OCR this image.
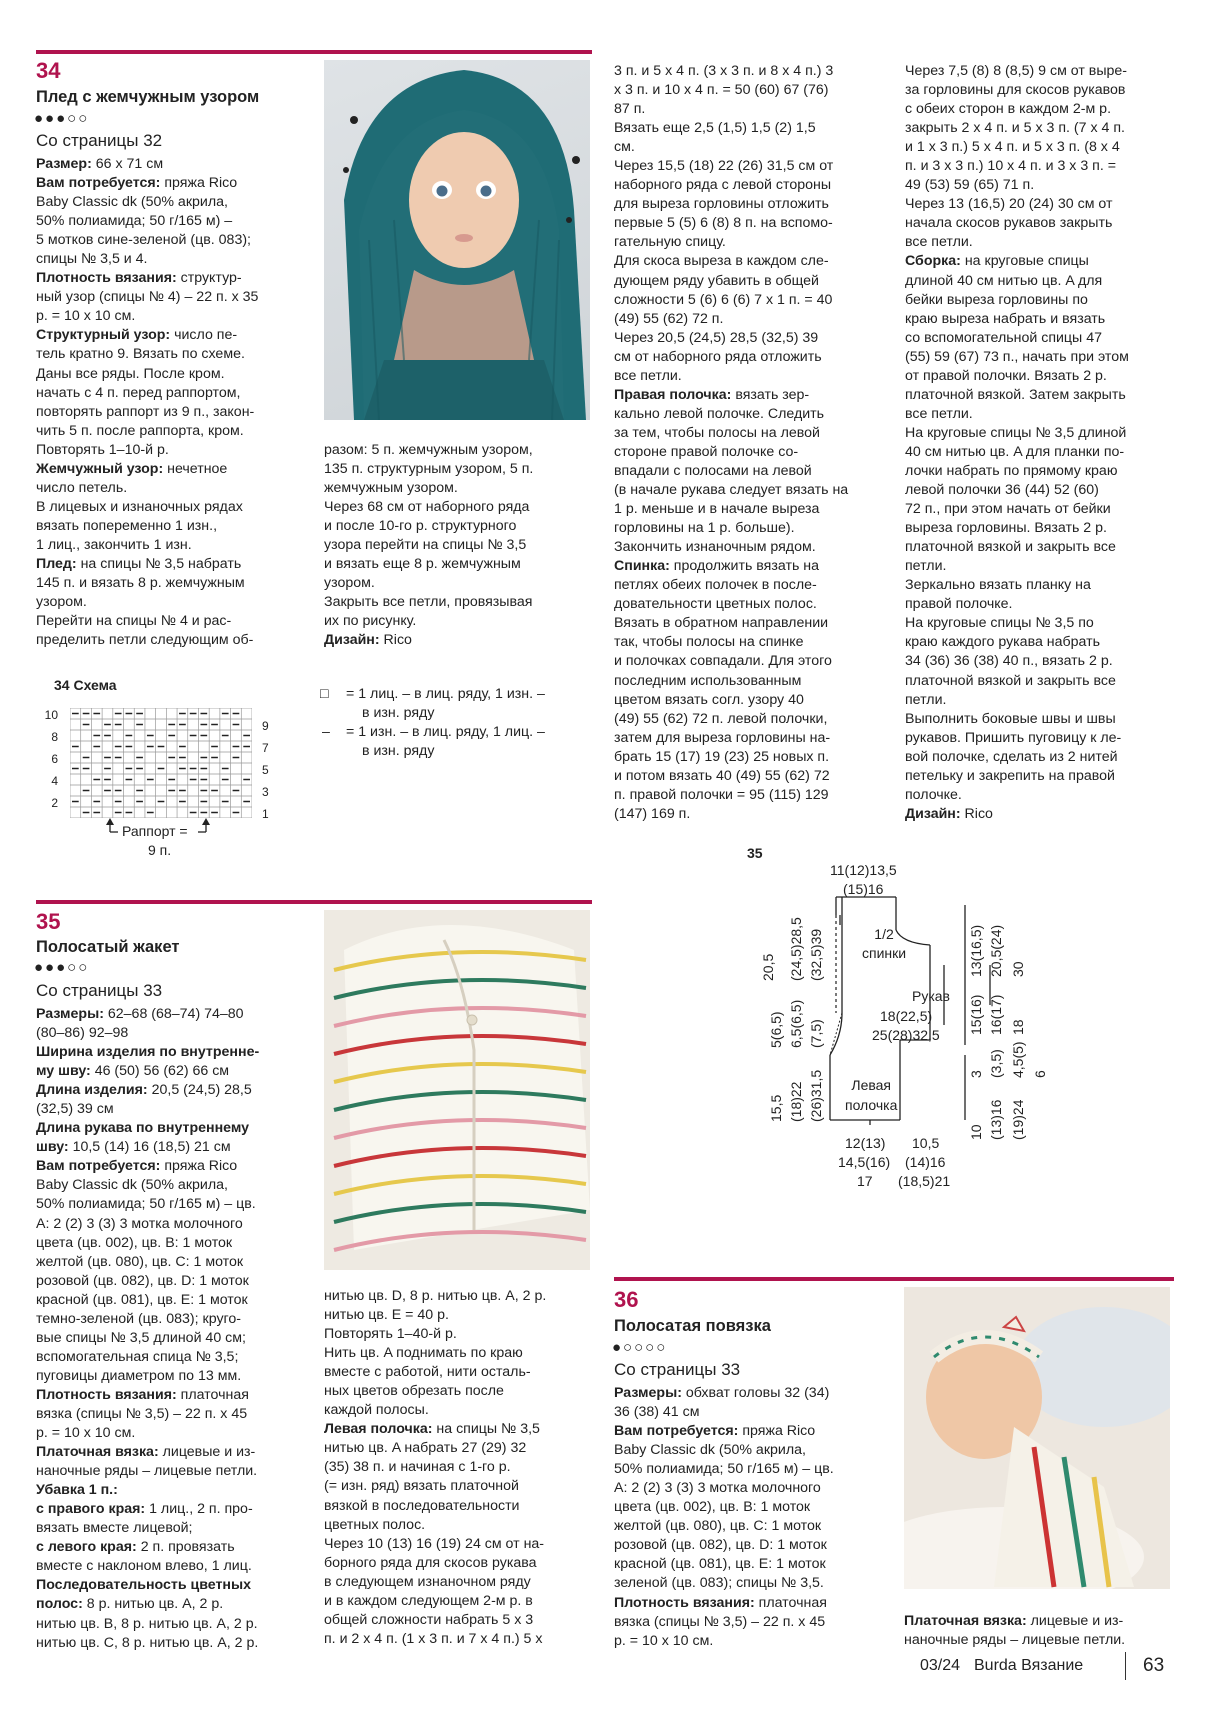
34
Плед с жемчужным узором
●●●○○
Со страницы 32

Размер: 66 x 71 см

Вам потребуется: пряжа Rico

Baby Classic dk (50% акрила,

50% полиамида; 50 г/165 м) –

5 мотков сине-зеленой (цв. 083);

спицы № 3,5 и 4.

Плотность вязания: структур-

ный узор (спицы № 4) – 22 п. x 35

р. = 10 x 10 см.

Структурный узор: число пе-

тель кратно 9. Вязать по схеме.

Даны все ряды. После кром.

начать с 4 п. перед раппортом,

повторять раппорт из 9 п., закон-

чить 5 п. после раппорта, кром.

Повторять 1–10-й р.

Жемчужный узор: нечетное

число петель.

В лицевых и изнаночных рядах

вязать попеременно 1 изн.,

1 лиц., закончить 1 изн.

Плед: на спицы № 3,5 набрать

145 п. и вязать 8 р. жемчужным

узором.

Перейти на спицы № 4 и рас-

пределить петли следующим об-

разом: 5 п. жемчужным узором,

135 п. структурным узором, 5 п.

жемчужным узором.

Через 68 см от наборного ряда

и после 10-го р. структурного

узора перейти на спицы № 3,5

и вязать еще 8 р. жемчужным

узором.

Закрыть все петли, провязывая

их по рисунку.

Дизайн: Rico

34 Схема
10
8
6
4
2
9
7
5
3
1
Раппорт =
9 п.
□ = 1 лиц. – в лиц. ряду, 1 изн. –
в изн. ряду
– = 1 изн. – в лиц. ряду, 1 лиц. –
в изн. ряду

3 п. и 5 x 4 п. (3 x 3 п. и 8 x 4 п.) 3

x 3 п. и 10 x 4 п. = 50 (60) 67 (76)

87 п.

Вязать еще 2,5 (1,5) 1,5 (2) 1,5

см.

Через 15,5 (18) 22 (26) 31,5 см от

наборного ряда с левой стороны

для выреза горловины отложить

первые 5 (5) 6 (8) 8 п. на вспомо-

гательную спицу.

Для скоса выреза в каждом сле-

дующем ряду убавить в общей

сложности 5 (6) 6 (6) 7 x 1 п. = 40

(49) 55 (62) 72 п.

Через 20,5 (24,5) 28,5 (32,5) 39

см от наборного ряда отложить

все петли.

Правая полочка: вязать зер-

кально левой полочке. Следить

за тем, чтобы полосы на левой

стороне правой полочке со-

впадали с полосами на левой

(в начале рукава следует вязать на

1 р. меньше и в начале выреза

горловины на 1 р. больше).

Закончить изнаночным рядом.

Спинка: продолжить вязать на

петлях обеих полочек в после-

довательности цветных полос.

Вязать в обратном направлении

так, чтобы полосы на спинке

и полочках совпадали. Для этого

последним использованным

цветом вязать согл. узору 40

(49) 55 (62) 72 п. левой полочки,

затем для выреза горловины на-

брать 15 (17) 19 (23) 25 новых п.

и потом вязать 40 (49) 55 (62) 72

п. правой полочки = 95 (115) 129

(147) 169 п.

Через 7,5 (8) 8 (8,5) 9 см от выре-

за горловины для скосов рукавов

с обеих сторон в каждом 2-м р.

закрыть 2 x 4 п. и 5 x 3 п. (7 x 4 п.

и 1 x 3 п.) 5 x 4 п. и 5 x 3 п. (8 x 4

п. и 3 x 3 п.) 10 x 4 п. и 3 x 3 п. =

49 (53) 59 (65) 71 п.

Через 13 (16,5) 20 (24) 30 см от

начала скосов рукавов закрыть

все петли.

Сборка: на круговые спицы

длиной 40 см нитью цв. A для

бейки выреза горловины по

краю выреза набрать и вязать

со вспомогательной спицы 47

(55) 59 (67) 73 п., начать при этом

от правой полочки. Вязать 2 р.

платочной вязкой. Затем закрыть

все петли.

На круговые спицы № 3,5 длиной

40 см нитью цв. A для планки по-

лочки набрать по прямому краю

левой полочки 36 (44) 52 (60)

72 п., при этом начать от бейки

выреза горловины. Вязать 2 р.

платочной вязкой и закрыть все

петли.

Зеркально вязать планку на

правой полочке.

На круговые спицы № 3,5 по

краю каждого рукава набрать

34 (36) 36 (38) 40 п., вязать 2 р.

платочной вязкой и закрыть все

петли.

Выполнить боковые швы и швы

рукавов. Пришить пуговицу к ле-

вой полочке, сделать из 2 нитей

петельку и закрепить на правой

полочке.

Дизайн: Rico

35
Полосатый жакет
●●●○○
Со страницы 33

Размеры: 62–68 (68–74) 74–80

(80–86) 92–98

Ширина изделия по внутренне-

му шву: 46 (50) 56 (62) 66 см

Длина изделия: 20,5 (24,5) 28,5

(32,5) 39 см

Длина рукава по внутреннему

шву: 10,5 (14) 16 (18,5) 21 см

Вам потребуется: пряжа Rico

Baby Classic dk (50% акрила,

50% полиамида; 50 г/165 м) – цв.

A: 2 (2) 3 (3) 3 мотка молочного

цвета (цв. 002), цв. B: 1 моток

желтой (цв. 080), цв. C: 1 моток

розовой (цв. 082), цв. D: 1 моток

красной (цв. 081), цв. E: 1 моток

темно-зеленой (цв. 083); круго-

вые спицы № 3,5 длиной 40 см;

вспомогательная спица № 3,5;

пуговицы диаметром по 13 мм.

Плотность вязания: платочная

вязка (спицы № 3,5) – 22 п. x 45

р. = 10 x 10 см.

Платочная вязка: лицевые и из-

наночные ряды – лицевые петли.

Убавка 1 п.:

с правого края: 1 лиц., 2 п. про-

вязать вместе лицевой;

с левого края: 2 п. провязать

вместе с наклоном влево, 1 лиц.

Последовательность цветных

полос: 8 р. нитью цв. A, 2 р.

нитью цв. B, 8 р. нитью цв. A, 2 р.

нитью цв. C, 8 р. нитью цв. A, 2 р.

нитью цв. D, 8 р. нитью цв. A, 2 р.

нитью цв. E = 40 р.

Повторять 1–40-й р.

Нить цв. A поднимать по краю

вместе с работой, нити осталь-

ных цветов обрезать после

каждой полосы.

Левая полочка: на спицы № 3,5

нитью цв. A набрать 27 (29) 32

(35) 38 п. и начиная с 1-го р.

(= изн. ряд) вязать платочной

вязкой в последовательности

цветных полос.

Через 10 (13) 16 (19) 24 см от на-

борного ряда для скосов рукава

в следующем изнаночном ряду

и в каждом следующем 2-м р. в

общей сложности набрать 5 x 3

п. и 2 x 4 п. (1 x 3 п. и 7 x 4 п.) 5 x

35
11(12)13,5
(15)16
1/2
спинки
Рукав
18(22,5)
25(28)32,5
Левая
полочка
12(13)
14,5(16)
17
10,5
(14)16
(18,5)21
20,5 (24,5)28,5 (32,5)39
5(6,5) 6,5(6,5) (7,5)
15,5 (18)22 (26)31,5
13(16,5) 20,5(24) 30
15(16) 16(17) 18
3 (3,5) 4,5(5) 6
10 (13)16 (19)24
36
Полосатая повязка
●○○○○
Со страницы 33

Размеры: обхват головы 32 (34)

36 (38) 41 см

Вам потребуется: пряжа Rico

Baby Classic dk (50% акрила,

50% полиамида; 50 г/165 м) – цв.

A: 2 (2) 3 (3) 3 мотка молочного

цвета (цв. 002), цв. B: 1 моток

желтой (цв. 080), цв. C: 1 моток

розовой (цв. 082), цв. D: 1 моток

красной (цв. 081), цв. E: 1 моток

зеленой (цв. 083); спицы № 3,5.

Плотность вязания: платочная

вязка (спицы № 3,5) – 22 п. x 45

р. = 10 x 10 см.

Платочная вязка: лицевые и из-

наночные ряды – лицевые петли.

03/24 Burda Вязание	63
